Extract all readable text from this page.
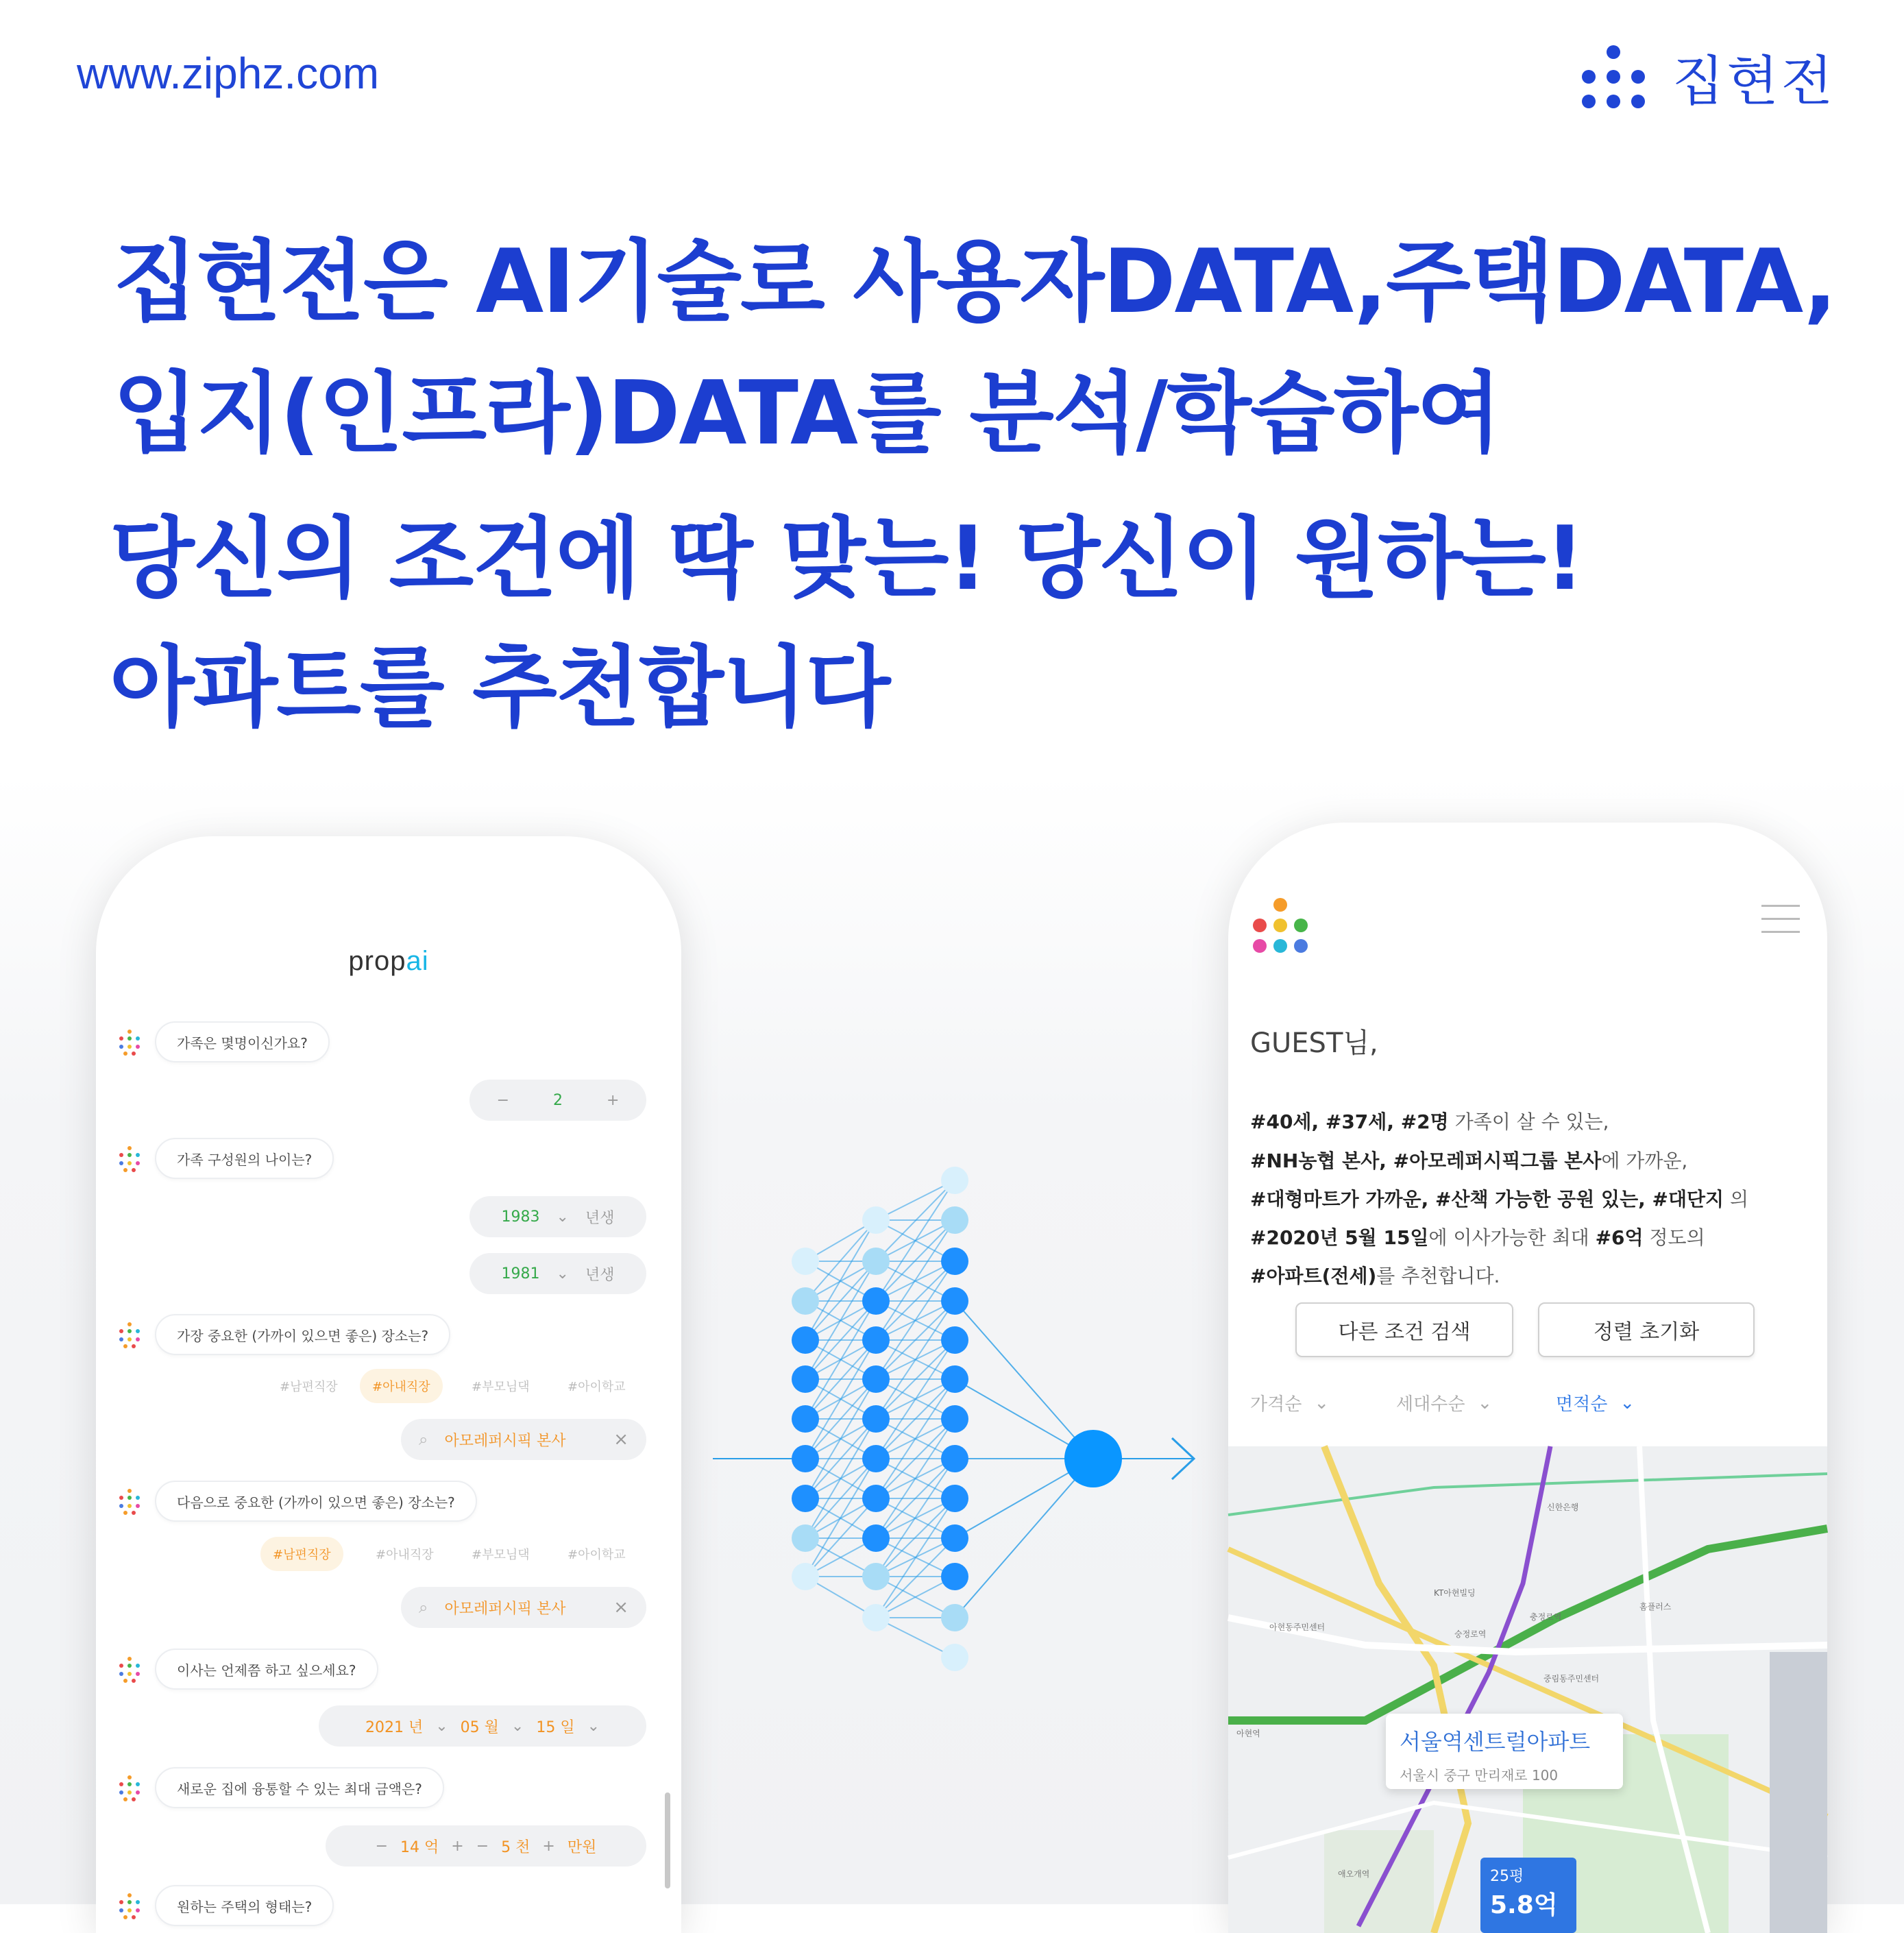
www.ziphz.com	집현전
집현전은 AI기술로 사용자DATA,주택DATA,
입지(인프라)DATA를 분석/학습하여
당신의 조건에 딱 맞는! 당신이 원하는!
아파트를 추천합니다
propai
가족은 몇명이신가요?
−	2	+
가족 구성원의 나이는?
1983 ⌄ 년생
1981 ⌄ 년생
가장 중요한 (가까이 있으면 좋은) 장소는?
#남편직장	#아내직장	#부모님댁	#아이학교
⌕ 아모레퍼시픽 본사	×
다음으로 중요한 (가까이 있으면 좋은) 장소는?
#남편직장	#아내직장	#부모님댁	#아이학교
⌕ 아모레퍼시픽 본사	×
이사는 언제쯤 하고 싶으세요?
2021 년 ⌄ 05 월 ⌄ 15 일 ⌄
새로운 집에 융통할 수 있는 최대 금액은?
− 14 억 + − 5 천 + 만원
원하는 주택의 형태는?
GUEST님,
#40세, #37세, #2명 가족이 살 수 있는,
#NH농협 본사, #아모레퍼시픽그룹 본사에 가까운,
#대형마트가 가까운, #산책 가능한 공원 있는, #대단지 의
#2020년 5월 15일에 이사가능한 최대 #6억 정도의
#아파트(전세)를 추천합니다.
다른 조건 검색	정렬 초기화
가격순 ⌄	세대수순 ⌄	면적순 ⌄
숭정로역
KT아현빌딩
신한은행
아현역
충정로역
애오개역
홈플러스
아현동주민센터
중림동주민센터
서울역센트럴아파트
서울시 중구 만리재로 100
25평
5.8억
